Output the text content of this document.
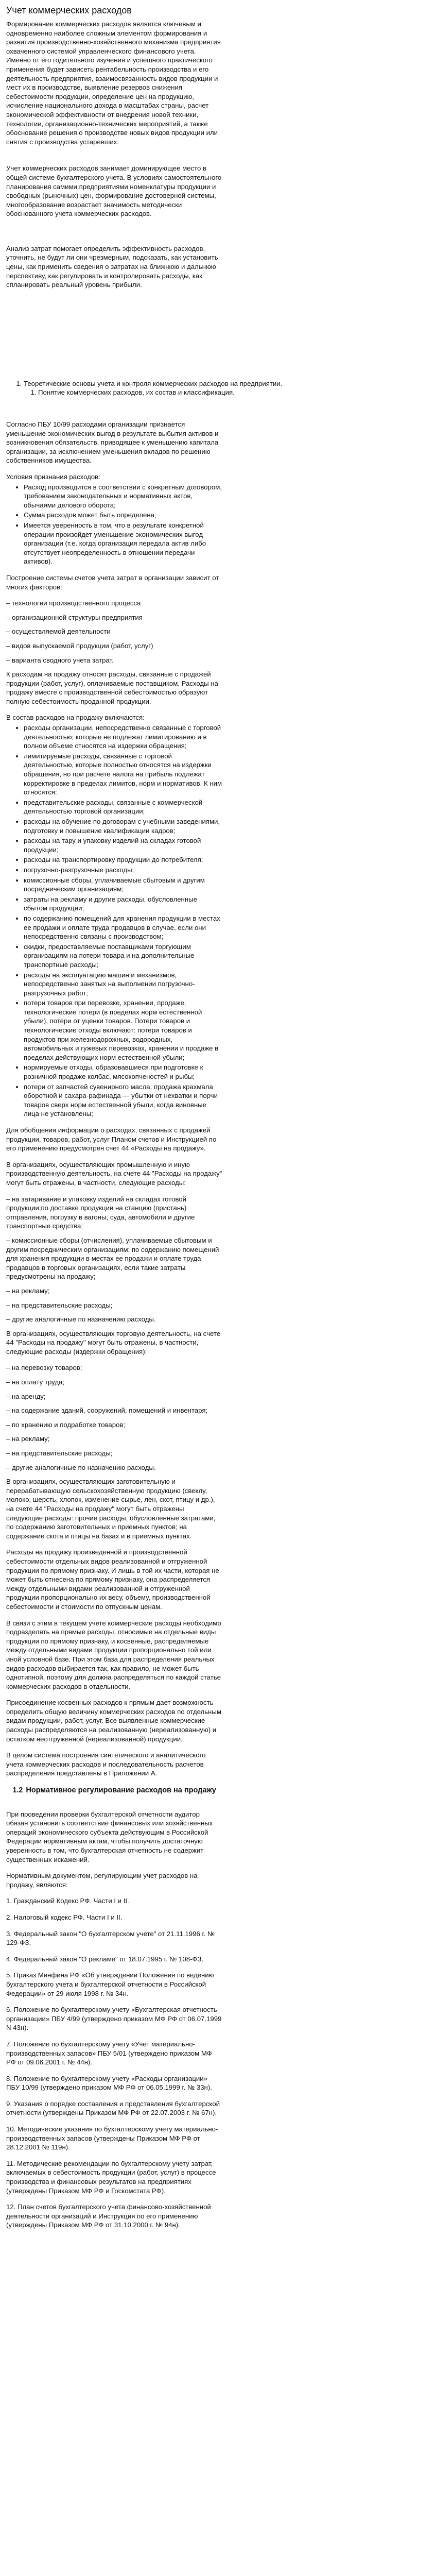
Учет коммерческих расходов

Формирование коммерческих расходов является ключевым и одновременно наиболее сложным элементом формирования и развития производственно-хозяйственного механизма предприятия охваченного системой управленческого финансового учета. Именно от его годительного изучения и успешного практического применения будет зависеть рентабельность производства и его деятельность предприятия, взаимосвязанность видов продукции и мест их в производстве, выявление резервов снижения себестоимости продукции, определение цен на продукцию, исчисление национального дохода в масштабах страны, расчет экономической эффективности от внедрения новой техники, технологии, организационно-технических мероприятий, а также обоснование решения о производстве новых видов продукции или снятия с производства устаревших.

Учет коммерческих расходов занимает доминирующее место в общей системе бухгалтерского учета. В условиях самостоятельного планирования самими предприятиями номенклатуры продукции и свободных (рыночных) цен, формирование достоверной системы, многообразование возрастает значимость методически обоснованного учета коммерческих расходов.

Анализ затрат помогает определить эффективность расходов, уточнить, не будут ли они чрезмерным, подсказать, как установить цены, как применить сведения о затратах на ближнюю и дальнюю перспективу, как регулировать и контролировать расходы, как спланировать реальный уровень прибыли.

1. Теоретические основы учета и контроля коммерческих расходов на предприятии.
1. Понятие коммерческих расходов, их состав и классификация.

Согласно ПБУ 10/99 расходами организации признается уменьшение экономических выгод в результате выбытия активов и возникновения обязательств, приводящее к уменьшению капитала организации, за исключением уменьшения вкладов по решению собственников имущества.

Условия признания расходов:

• Расход производится в соответствии с конкретным договором, требованием законодательных и нормативных актов, обычаями делового оборота;
• Сумма расходов может быть определена;
• Имеется уверенность в том, что в результате конкретной операции произойдет уменьшение экономических выгод организации (т.е. когда организация передала актив либо отсутствует неопределенность в отношении передачи активов).

Построение системы счетов учета затрат в организации зависит от многих факторов:

– технологии производственного процесса

– организационной структуры предприятия

– осуществляемой деятельности

– видов выпускаемой продукции (работ, услуг)

– варианта сводного учета затрат.

К расходам на продажу относят расходы, связанные с продажей продукции (работ, услуг), оплачиваемые поставщиком. Расходы на продажу вместе с производственной себестоимостью образуют полную себестоимость проданной продукции.

В состав расходов на продажу включаются:

• расходы организации, непосредственно связанные с торговой деятельностью; которые не подлежат лимитированию и в полном объеме относятся на издержки обращения;
• лимитируемые расходы, связанные с торговой деятельностью, которые полностью относятся на издержки обращения, но при расчете налога на прибыль подлежат корректировке в пределах лимитов, норм и нормативов. К ним относятся:
• представительские расходы, связанные с коммерческой деятельностью торговой организации;
• расходы на обучение по договорам с учебными заведениями, подготовку и повышение квалификации кадров;
• расходы на тару и упаковку изделий на складах готовой продукции;
• расходы на транспортировку продукции до потребителя;
• погрузочно-разгрузочные расходы;
• комиссионные сборы, уплачиваемые сбытовым и другим посредническим организациям;
• затраты на рекламу и другие расходы, обусловленные сбытом продукции;
• по содержанию помещений для хранения продукции в местах ее продажи и оплате труда продавцов в случае, если они непосредственно связаны с производством;
• скидки, предоставляемые поставщиками торгующим организациям на потери товара и на дополнительные транспортные расходы;
• расходы на эксплуатацию машин и механизмов, непосредственно занятых на выполнении погрузочно-разгрузочных работ;
• потери товаров при перевозке, хранении, продаже, технологические потери (в пределах норм естественной убыли), потери от уценки товаров. Потери товаров и технологические отходы включают: потери товаров и продуктов при железнодорожных, водородных, автомобильных и гужевых перевозках, хранении и продаже в пределах действующих норм естественной убыли;
• нормируемые отходы, образовавшиеся при подготовке к розничной продаже колбас, мясокопченостей и рыбы;
• потери от запчастей сувенирного масла, продажа крахмала оборотной и сахара-рафинада — убытки от нехватки и порчи товаров сверх норм естественной убыли, когда виновные лица не установлены;

Для обобщения информации о расходах, связанных с продажей продукции, товаров, работ, услуг Планом счетов и Инструкцией по его применению предусмотрен счет 44 «Расходы на продажу».

В организациях, осуществляющих промышленную и иную производственную деятельность, на счете 44 "Расходы на продажу" могут быть отражены, в частности, следующие расходы:

– на затаривание и упаковку изделий на складах готовой продукции;по доставке продукции на станцию (пристань) отправления, погрузку в вагоны, суда, автомобили и другие транспортные средства;

– комиссионные сборы (отчисления), уплачиваемые сбытовым и другим посредническим организациям; по содержанию помещений для хранения продукции в местах ее продажи и оплате труда продавцов в торговых организациях, если такие затраты предусмотрены на продажу;

– на рекламу;

– на представительские расходы;

– другие аналогичные по назначению расходы.

В организациях, осуществляющих торговую деятельность, на счете 44 "Расходы на продажу" могут быть отражены, в частности, следующие расходы (издержки обращения):

– на перевозку товаров;

– на оплату труда;

– на аренду;

– на содержание зданий, сооружений, помещений и инвентаря;

– по хранению и подработке товаров;

– на рекламу;

– на представительские расходы;

– другие аналогичные по назначению расходы.

В организациях, осуществляющих заготовительную и перерабатывающую сельскохозяйственную продукцию (свеклу, молоко, шерсть, хлопок, изменение сырье, лен, скот, птицу и др.), на счете 44 "Расходы на продажу" могут быть отражены следующие расходы: прочие расходы, обусловленные затратами, по содержанию заготовительных и приемных пунктов; на содержание скота и птицы на базах и в приемных пунктах.

Расходы на продажу произведенной и производственной себестоимости отдельных видов реализованной и отгруженной продукции по прямому признаку. И лишь в той их части, которая не может быть отнесена по прямому признаку, она распределяется между отдельными видами реализованной и отгруженной продукции пропорционально их весу, объему, производственной себестоимости и стоимости по отпускным ценам.

В связи с этим в текущем учете коммерческие расходы необходимо подразделять на прямые расходы, относимые на отдельные виды продукции по прямому признаку, и косвенные, распределяемые между отдельными видами продукции пропорционально той или иной условной базе. При этом база для распределения реальных видов расходов выбирается так, как правило, не может быть однотипной, поэтому для должна распределяться по каждой статье коммерческих расходов в отдельности.

Присоединение косвенных расходов к прямым дает возможность определить общую величину коммерческих расходов по отдельным видам продукции, работ, услуг. Все выявленные коммерческие расходы распределяются на реализованную (нереализованную) и остатком неотгруженной (нереализованной) продукции.

В целом система построения синтетического и аналитического учета коммерческих расходов и последовательность расчетов распределения представлены в Приложении А.

1.2 Нормативное регулирование расходов на продажу

При проведении проверки бухгалтерской отчетности аудитор обязан установить соответствие финансовых или хозяйственных операций экономического субъекта действующим в Российской Федерации нормативным актам, чтобы получить достаточную уверенность в том, что бухгалтерская отчетность не содержит существенных искажений.

Нормативным документом, регулирующим учет расходов на продажу, являются:

1. Гражданский Кодекс РФ. Части I и II.

2. Налоговый кодекс РФ. Части I и II.

3. Федеральный закон "О бухгалтерском учете" от 21.11.1996 г. № 129-ФЗ.

4. Федеральный закон "О рекламе" от 18.07.1995 г. № 108-ФЗ.

5. Приказ Минфина РФ «Об утверждении Положения по ведению бухгалтерского учета и бухгалтерской отчетности в Российской Федерации» от 29 июля 1998 г. № 34н.

6. Положение по бухгалтерскому учету «Бухгалтерская отчетность организации» ПБУ 4/99 (утверждено приказом МФ РФ от 06.07.1999 N 43н).

7. Положение по бухгалтерскому учету «Учет материально-производственных запасов» ПБУ 5/01 (утверждено приказом МФ РФ от 09.06.2001 г. № 44н).

8. Положение по бухгалтерскому учету «Расходы организации» ПБУ 10/99 (утверждено приказом МФ РФ от 06.05.1999 г. № 33н).

9. Указания о порядке составления и представления бухгалтерской отчетности (утверждены Приказом МФ РФ от 22.07.2003 г. № 67н).

10. Методические указания по бухгалтерскому учету материально-производственных запасов (утверждены Приказом МФ РФ от 28.12.2001 № 119н).

11. Методические рекомендации по бухгалтерскому учету затрат, включаемых в себестоимость продукции (работ, услуг) в процессе производства и финансовых результатов на предприятиях (утверждены Приказом МФ РФ и Госкомстата РФ).

12. План счетов бухгалтерского учета финансово-хозяйственной деятельности организаций и Инструкция по его применению (утверждены Приказом МФ РФ от 31.10.2000 г. № 94н).
